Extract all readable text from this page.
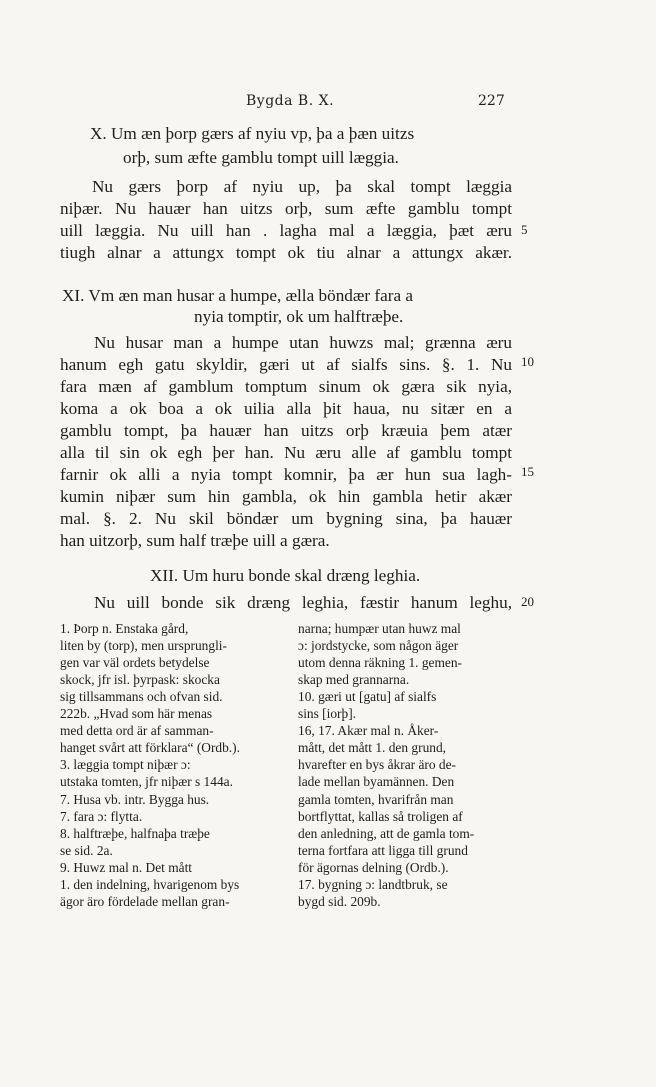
Bygda B. X.	227
X. Um æn þorp gærs af nyiu vp, þa a þæn uitzs
orþ, sum æfte gamblu tompt uill læggia.
Nu gærs þorp af nyiu up, þa skal tompt læggia
niþær. Nu hauær han uitzs orþ, sum æfte gamblu tompt
uill læggia. Nu uill han . lagha mal a læggia, þæt æru
tiugh alnar a attungx tompt ok tiu alnar a attungx akær.
XI. Vm æn man husar a humpe, ælla böndær fara a
nyia tomptir, ok um halftræþe.
Nu husar man a humpe utan huwzs mal; grænna æru
hanum egh gatu skyldir, gæri ut af sialfs sins. §. 1. Nu
fara mæn af gamblum tomptum sinum ok gæra sik nyia,
koma a ok boa a ok uilia alla þit haua, nu sitær en a
gamblu tompt, þa hauær han uitzs orþ kræuia þem atær
alla til sin ok egh þer han. Nu æru alle af gamblu tompt
farnir ok alli a nyia tompt komnir, þa ær hun sua lagh-
kumin niþær sum hin gambla, ok hin gambla hetir akær
mal. §. 2. Nu skil böndær um bygning sina, þa hauær
han uitzorþ, sum half træþe uill a gæra.
XII. Um huru bonde skal dræng leghia.
Nu uill bonde sik dræng leghia, fæstir hanum leghu,
5
10
15
20
1. Þorp n. Enstaka gård,
liten by (torp), men ursprungli-
gen var väl ordets betydelse
skock, jfr isl. þyrpask: skocka
sig tillsammans och ofvan sid.
222b. „Hvad som här menas
med detta ord är af samman-
hanget svårt att förklara“ (Ordb.).
3. læggia tompt niþær ɔ:
utstaka tomten, jfr niþær s 144a.
7. Husa vb. intr. Bygga hus.
7. fara ɔ: flytta.
8. halftræþe, halfnaþa træþe
se sid. 2a.
9. Huwz mal n. Det mått
1. den indelning, hvarigenom bys
ägor äro fördelade mellan gran-
narna; humpær utan huwz mal
ɔ: jordstycke, som någon äger
utom denna räkning 1. gemen-
skap med grannarna.
10. gæri ut [gatu] af sialfs
sins [iorþ].
16, 17. Akær mal n. Åker-
mått, det mått 1. den grund,
hvarefter en bys åkrar äro de-
lade mellan byamännen. Den
gamla tomten, hvarifrån man
bortflyttat, kallas så troligen af
den anledning, att de gamla tom-
terna fortfara att ligga till grund
för ägornas delning (Ordb.).
17. bygning ɔ: landtbruk, se
bygd sid. 209b.
